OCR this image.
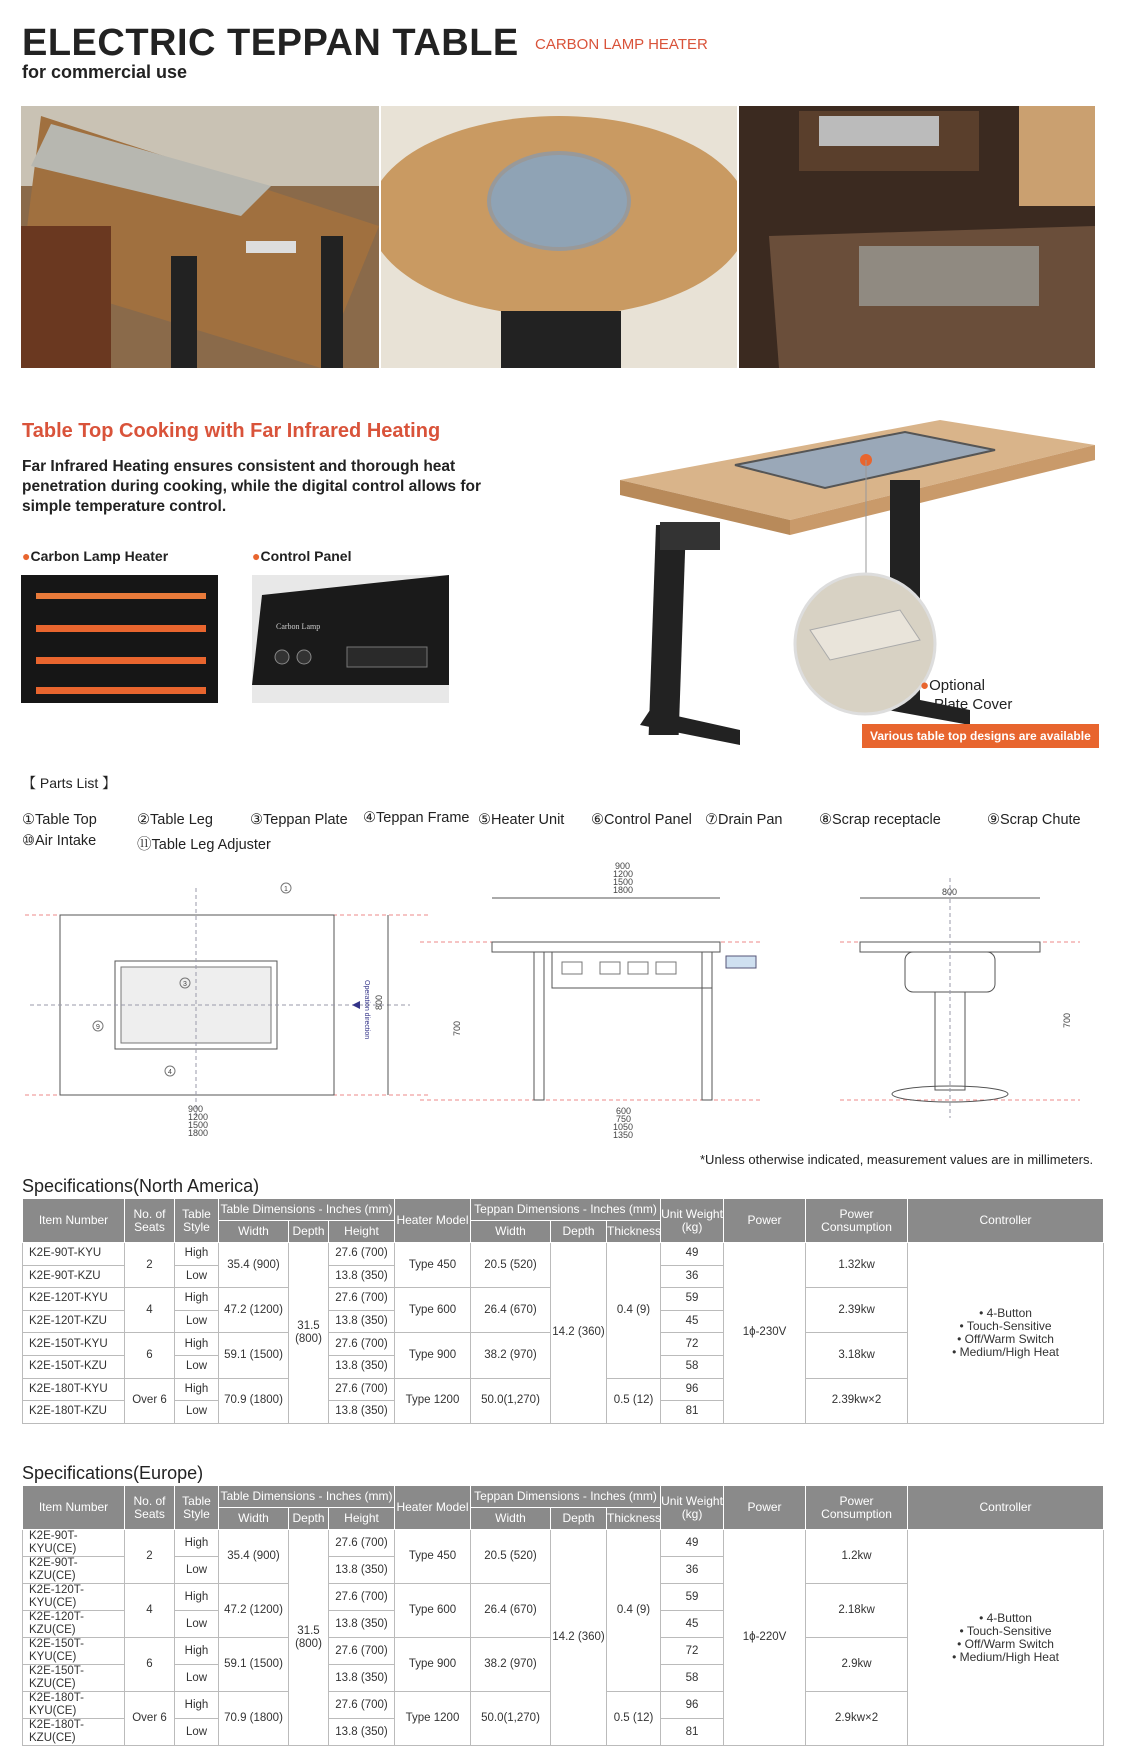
ELECTRIC TEPPAN TABLE CARBON LAMP HEATER
for commercial use
Table Top Cooking with Far Infrared Heating
Far Infrared Heating ensures consistent and thorough heat penetration during cooking, while the digital control allows for simple temperature control.
●Carbon Lamp Heater	●Control Panel
Carbon Lamp
●Optional
Plate Cover
Various table top designs are available
【 Parts List 】
①Table Top	②Table Leg	③Teppan Plate ④Teppan Frame ⑤Heater Unit ⑥Control Panel ⑦Drain Pan	⑧Scrap receptacle	⑨Scrap Chute
⑩Air Intake	⑪Table Leg Adjuster
Operation direction 800
900
1200
1500
1800
1
3
4
9
900
1200
1500
1800
700
600
750
1050
1350
800
700
*Unless otherwise indicated, measurement values are in millimeters.
Specifications(North America)
Item Number	No. of Seats	Table Style	Table Dimensions - Inches (mm)			Heater Model	Teppan Dimensions - Inches (mm)			Unit Weight (kg)	Power	Power Consumption	Controller
			Width	Depth	Height		Width	Depth	Thickness				
K2E-90T-KYU	2	High	35.4 (900)	31.5 (800)	27.6 (700)	Type 450	20.5 (520)	14.2 (360)	0.4 (9)	49	1ϕ-230V	1.32kw	• 4-Button
• Touch-Sensitive
• Off/Warm Switch
• Medium/High Heat

K2E-90T-KZU		Low			13.8 (350)					36			
K2E-120T-KYU	4	High	47.2 (1200)		27.6 (700)	Type 600	26.4 (670)			59		2.39kw	
K2E-120T-KZU		Low			13.8 (350)					45			
K2E-150T-KYU	6	High	59.1 (1500)		27.6 (700)	Type 900	38.2 (970)			72		3.18kw	
K2E-150T-KZU		Low			13.8 (350)					58			
K2E-180T-KYU	Over 6	High	70.9 (1800)		27.6 (700)	Type 1200	50.0(1,270)		0.5 (12)	96		2.39kw×2	
K2E-180T-KZU		Low			13.8 (350)					81			
Specifications(Europe)
Item Number	No. of Seats	Table Style	Table Dimensions - Inches (mm)			Heater Model	Teppan Dimensions - Inches (mm)			Unit Weight (kg)	Power	Power Consumption	Controller
			Width	Depth	Height		Width	Depth	Thickness				
K2E-90T-KYU(CE)	2	High	35.4 (900)	31.5 (800)	27.6 (700)	Type 450	20.5 (520)	14.2 (360)	0.4 (9)	49	1ϕ-220V	1.2kw	• 4-Button
• Touch-Sensitive
• Off/Warm Switch
• Medium/High Heat

K2E-90T-KZU(CE)		Low			13.8 (350)					36			
K2E-120T-KYU(CE)	4	High	47.2 (1200)		27.6 (700)	Type 600	26.4 (670)			59		2.18kw	
K2E-120T-KZU(CE)		Low			13.8 (350)					45			
K2E-150T-KYU(CE)	6	High	59.1 (1500)		27.6 (700)	Type 900	38.2 (970)			72		2.9kw	
K2E-150T-KZU(CE)		Low			13.8 (350)					58			
K2E-180T-KYU(CE)	Over 6	High	70.9 (1800)		27.6 (700)	Type 1200	50.0(1,270)		0.5 (12)	96		2.9kw×2	
K2E-180T-KZU(CE)		Low			13.8 (350)					81			
